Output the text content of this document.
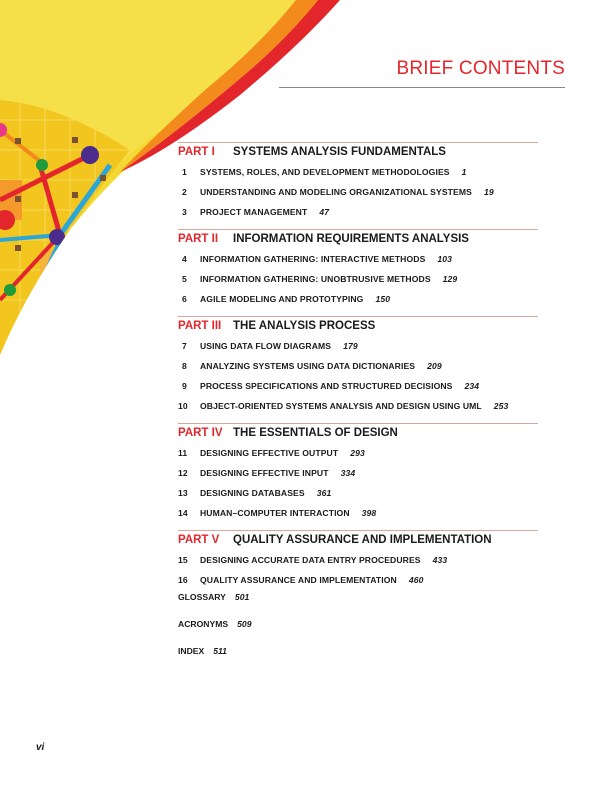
BRIEF CONTENTS
PART I	SYSTEMS ANALYSIS FUNDAMENTALS
1	SYSTEMS, ROLES, AND DEVELOPMENT METHODOLOGIES 1
2	UNDERSTANDING AND MODELING ORGANIZATIONAL SYSTEMS 19
3	PROJECT MANAGEMENT 47
PART II	INFORMATION REQUIREMENTS ANALYSIS
4	INFORMATION GATHERING: INTERACTIVE METHODS 103
5	INFORMATION GATHERING: UNOBTRUSIVE METHODS 129
6	AGILE MODELING AND PROTOTYPING 150
PART III	THE ANALYSIS PROCESS
7	USING DATA FLOW DIAGRAMS 179
8	ANALYZING SYSTEMS USING DATA DICTIONARIES 209
9	PROCESS SPECIFICATIONS AND STRUCTURED DECISIONS 234
10	OBJECT-ORIENTED SYSTEMS ANALYSIS AND DESIGN USING UML 253
PART IV THE ESSENTIALS OF DESIGN
11	DESIGNING EFFECTIVE OUTPUT 293
12	DESIGNING EFFECTIVE INPUT 334
13	DESIGNING DATABASES 361
14	HUMAN–COMPUTER INTERACTION 398
PART V	QUALITY ASSURANCE AND IMPLEMENTATION
15	DESIGNING ACCURATE DATA ENTRY PROCEDURES 433
16	QUALITY ASSURANCE AND IMPLEMENTATION 460
GLOSSARY 501
ACRONYMS 509
INDEX 511
vi
